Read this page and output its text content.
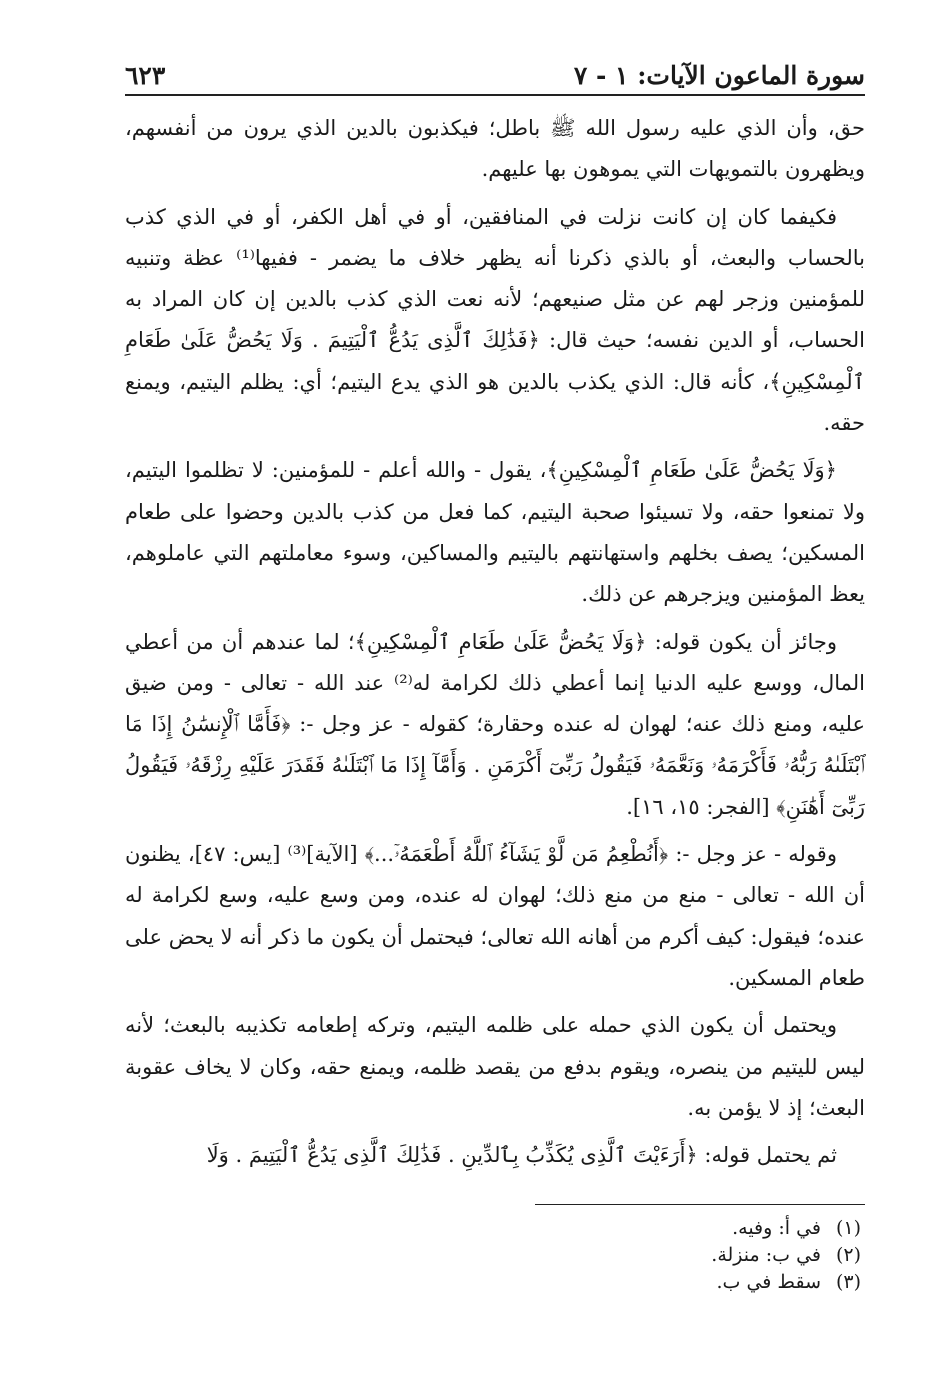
سورة الماعون الآيات: ١ - ٧
٦٢٣

حق، وأن الذي عليه رسول الله ﷺ باطل؛ فيكذبون بالدين الذي يرون من أنفسهم، ويظهرون بالتمويهات التي يموهون بها عليهم.

فكيفما كان إن كانت نزلت في المنافقين، أو في أهل الكفر، أو في الذي كذب بالحساب والبعث، أو بالذي ذكرنا أنه يظهر خلاف ما يضمر - ففيها⁽¹⁾ عظة وتنبيه للمؤمنين وزجر لهم عن مثل صنيعهم؛ لأنه نعت الذي كذب بالدين إن كان المراد به الحساب، أو الدين نفسه؛ حيث قال: ﴿فَذَٰلِكَ ٱلَّذِى يَدُعُّ ٱلْيَتِيمَ . وَلَا يَحُضُّ عَلَىٰ طَعَامِ ٱلْمِسْكِينِ﴾، كأنه قال: الذي يكذب بالدين هو الذي يدع اليتيم؛ أي: يظلم اليتيم، ويمنع حقه.

﴿وَلَا يَحُضُّ عَلَىٰ طَعَامِ ٱلْمِسْكِينِ﴾، يقول - والله أعلم - للمؤمنين: لا تظلموا اليتيم، ولا تمنعوا حقه، ولا تسيئوا صحبة اليتيم، كما فعل من كذب بالدين وحضوا على طعام المسكين؛ يصف بخلهم واستهانتهم باليتيم والمساكين، وسوء معاملتهم التي عاملوهم، يعظ المؤمنين ويزجرهم عن ذلك.

وجائز أن يكون قوله: ﴿وَلَا يَحُضُّ عَلَىٰ طَعَامِ ٱلْمِسْكِينِ﴾؛ لما عندهم أن من أعطي المال، ووسع عليه الدنيا إنما أعطي ذلك لكرامة له⁽²⁾ عند الله - تعالى - ومن ضيق عليه، ومنع ذلك عنه؛ لهوان له عنده وحقارة؛ كقوله - عز وجل -: ﴿فَأَمَّا ٱلْإِنسَٰنُ إِذَا مَا ٱبْتَلَىٰهُ رَبُّهُۥ فَأَكْرَمَهُۥ وَنَعَّمَهُۥ فَيَقُولُ رَبِّىٓ أَكْرَمَنِ . وَأَمَّآ إِذَا مَا ٱبْتَلَىٰهُ فَقَدَرَ عَلَيْهِ رِزْقَهُۥ فَيَقُولُ رَبِّىٓ أَهَٰنَنِ﴾ [الفجر: ١٥، ١٦].

وقوله - عز وجل -: ﴿أَنُطْعِمُ مَن لَّوْ يَشَآءُ ٱللَّهُ أَطْعَمَهُۥٓ...﴾ [الآية]⁽³⁾ [يس: ٤٧]، يظنون أن الله - تعالى - منع من منع ذلك؛ لهوان له عنده، ومن وسع عليه، وسع لكرامة له عنده؛ فيقول: كيف أكرم من أهانه الله تعالى؛ فيحتمل أن يكون ما ذكر أنه لا يحض على طعام المسكين.

ويحتمل أن يكون الذي حمله على ظلمه اليتيم، وتركه إطعامه تكذيبه بالبعث؛ لأنه ليس لليتيم من ينصره، ويقوم بدفع من يقصد ظلمه، ويمنع حقه، وكان لا يخاف عقوبة البعث؛ إذ لا يؤمن به.

ثم يحتمل قوله: ﴿أَرَءَيْتَ ٱلَّذِى يُكَذِّبُ بِٱلدِّينِ . فَذَٰلِكَ ٱلَّذِى يَدُعُّ ٱلْيَتِيمَ . وَلَا

(١)
في أ: وفيه.
(٢)
في ب: منزلة.
(٣)
سقط في ب.
